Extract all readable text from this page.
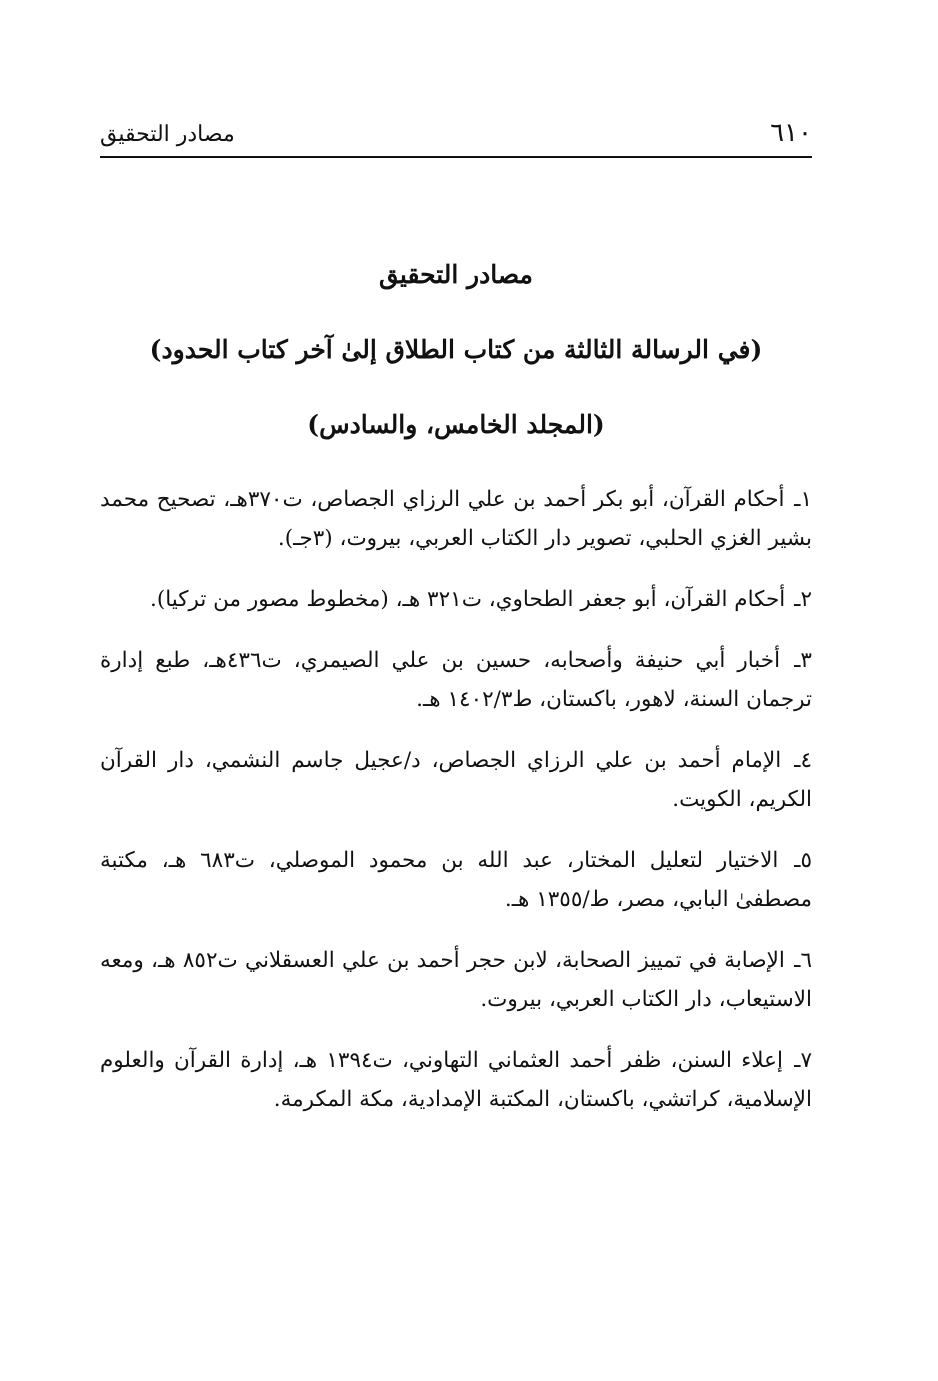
٦١٠
مصادر التحقيق
مصادر التحقيق
(في الرسالة الثالثة من كتاب الطلاق إلىٰ آخر كتاب الحدود)
(المجلد الخامس، والسادس)

١ـ أحكام القرآن، أبو بكر أحمد بن علي الرزاي الجصاص، ت٣٧٠هـ، تصحيح محمد بشير الغزي الحلبي، تصوير دار الكتاب العربي، بيروت، (٣جـ).

٢ـ أحكام القرآن، أبو جعفر الطحاوي، ت٣٢١ هـ، (مخطوط مصور من تركيا).

٣ـ أخبار أبي حنيفة وأصحابه، حسين بن علي الصيمري، ت٤٣٦هـ، طبع إدارة ترجمان السنة، لاهور، باكستان، ط١٤٠٢/٣ هـ.

٤ـ الإمام أحمد بن علي الرزاي الجصاص، د/عجيل جاسم النشمي، دار القرآن الكريم، الكويت.

٥ـ الاختيار لتعليل المختار، عبد الله بن محمود الموصلي، ت٦٨٣ هـ، مكتبة مصطفىٰ البابي، مصر، ط/١٣٥٥ هـ.

٦ـ الإصابة في تمييز الصحابة، لابن حجر أحمد بن علي العسقلاني ت٨٥٢ هـ، ومعه الاستيعاب، دار الكتاب العربي، بيروت.

٧ـ إعلاء السنن، ظفر أحمد العثماني التهاوني، ت١٣٩٤ هـ، إدارة القرآن والعلوم الإسلامية، كراتشي، باكستان، المكتبة الإمدادية، مكة المكرمة.
